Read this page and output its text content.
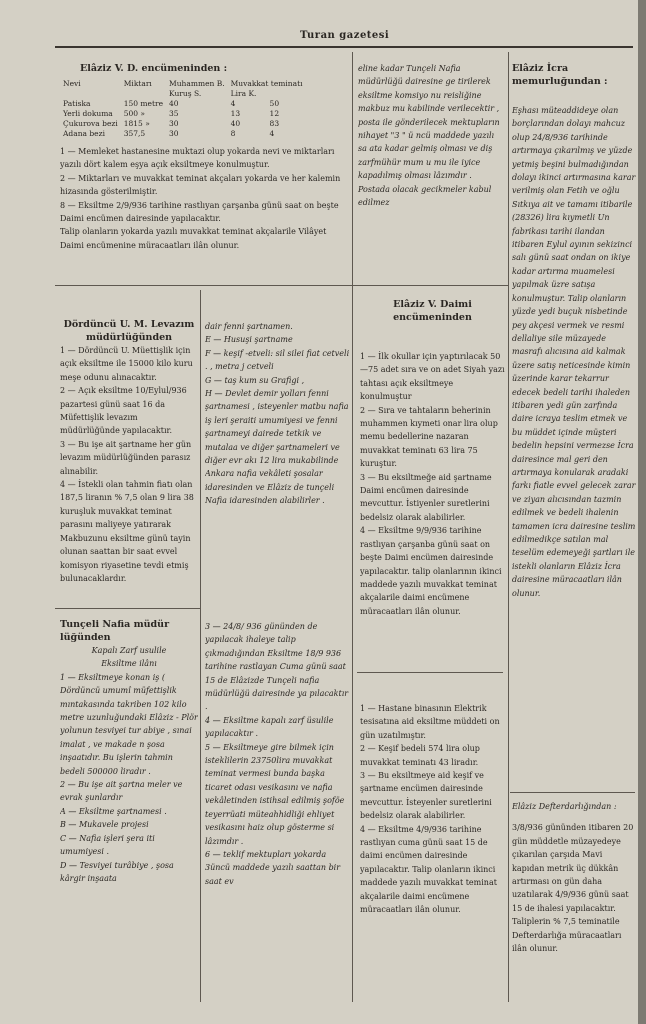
Turan gazetesi

Elâziz V. D. encümeninden :

Nevi	Miktarı	Muhammen B.	Muvakkat teminatı	
		Kuruş S.	Lira K.	
Patiska	150 metre	40	4	50
Yerli dokuma	500 »	35	13	12
Çukurova bezi	1815 »	30	40	83
Adana bezi	357,5	30	8	4

1 — Memleket hastanesine muktazi olup yokarda nevi ve miktarları yazılı dört kalem eşya açık eksiltmeye konulmuştur.

2 — Miktarları ve muvakkat teminat akçaları yokarda ve her kalemin hizasında gösterilmiştir.

8 — Eksiltme 2/9/936 tarihine rastlıyan çarşanba günü saat on beşte Daimi encümen dairesinde yapılacaktır.

Talip olanların yokarda yazılı muvakkat teminat akçalarile Vilâyet Daimi encümenine müracaatları ilân olunur.

eline kadar Tunçeli Nafia müdürlüğü dairesine ge tirilerek eksiltme komsiyo nu reisliğine makbuz mu kabilinde verilecektir ,

posta ile gönderilecek mektupların nihayet "3 " ü ncü maddede yazılı sa ata kadar gelmiş olması ve diş zarfmühür mum u mu ile iyice kapadılmış olması lâzımdır . Postada olacak gecikmeler kabul edilmez

Dördüncü U. M. Levazım müdürlüğünden

1 — Dördüncü U. Müettişlik için açık eksiltme ile 15000 kilo kuru meşe odunu alınacaktır.

2 — Açık eksiltme 10/Eylul/936 pazartesi günü saat 16 da Müfettişlik levazım müdürlüğünde yapılacaktır.

3 — Bu işe ait şartname her gün levazım müdürlüğünden parasız alınabilir.

4 — İstekli olan tahmin fiatı olan 187,5 liranın % 7,5 olan 9 lira 38 kuruşluk muvakkat teminat parasını maliyeye yatırarak Makbuzunu eksiltme günü tayin olunan saattan bir saat evvel komisyon riyasetine tevdi etmiş bulunacaklardır.

dair fenni şartnamen.

E — Husuşi şartname

F — keşif -etveli: sil silei fiat cetveli . , metra j cetveli

G — taş kum su Grafigi ,

H — Devlet demir yolları fenni şartnamesi , isteyenler matbu nafia iş leri şeraiti umumiyesi ve fenni şartnameyi dairede tetkik ve mutalaa ve diğer şartnameleri ve diğer evr akı 12 lira mukabilinde Ankara nafia vekâleti şosalar idaresinden ve Elâziz de tunçeli Nafia idaresinden alabilirler .

Tunçeli Nafia müdür lüğünden

Kapalı Zarf usulile

Eksiltme ilânı

1 — Eksiltmeye konan iş ( Dördüncü umumî müfettişlik mıntakasında takriben 102 kilo metre uzunluğundaki Elâziz - Plör yolunun tesviyei tur abiye , sınai imalat , ve makade n şosa inşaatıdır. Bu işlerin tahmin bedeli 500000 liradır .

2 — Bu işe ait şartna meler ve evrak şunlardır

A — Eksiltme şartnamesi .

B — Mukavele projesi

C — Nafia işleri şera iti umumiyesi .

D — Tesviyei turâbiye , şosa kârgir inşaata

3 — 24/8/ 936 gününden de yapılacak ihaleye talip çıkmadığından Eksiltme 18/9 936 tarihine rastlayan Cuma günü saat 15 de Elâzizde Tunçeli nafia müdürlüğü dairesinde ya pılacaktır .

4 — Eksiltme kapalı zarf üsulile yapılacaktır .

5 — Eksiltmeye gire bilmek için isteklilerin 23750lira muvakkat teminat vermesi bunda başka ticaret odası vesikasını ve nafia vekâletinden istihsal edilmiş şoföe teyerrüati müteahhidliği ehliyet vesikasını haiz olup gösterme si lâzımdır .

6 — teklif mektupları yokarda 3üncü maddede yazılı saattan bir saat ev

Elâziz V. Daimi encümeninden

1 — İlk okullar için yaptırılacak 50—75 adet sıra ve on adet Siyah yazı tahtası açık eksiltmeye konulmuştur

2 — Sıra ve tahtaların beherinin muhammen kıymeti onar lira olup memu bedellerine nazaran muvakkat teminatı 63 lira 75 kuruştur.

3 — Bu eksiltmeğe aid şartname Daimi encümen dairesinde mevcuttur. İstiyenler suretlerini bedelsiz olarak alabilirler.

4 — Eksiltme 9/9/936 tarihine rastlıyan çarşanba günü saat on beşte Daimi encümen dairesinde yapılacaktır. talip olanlarının ikinci maddede yazılı muvakkat teminat akçalarile daimi encümene müracaatları ilân olunur.

1 — Hastane binasının Elektrik tesisatına aid eksiltme müddeti on gün uzatılmıştır.

2 — Keşif bedeli 574 lira olup muvakkat teminatı 43 liradır.

3 — Bu eksiltmeye aid keşif ve şartname encümen dairesinde mevcuttur. İsteyenler suretlerini bedelsiz olarak alabilirler.

4 — Eksiltme 4/9/936 tarihine rastlıyan cuma günü saat 15 de daimi encümen dairesinde yapılacaktır. Talip olanların ikinci maddede yazılı muvakkat teminat akçalarile daimi encümene müracaatları ilân olunur.

Elâziz İcra memurluğundan :

Eşhası müteaddideye olan borçlarından dolayı mahcuz olup 24/8/936 tarihinde artırmaya çıkarılmış ve yüzde yetmiş beşini bulmadığından dolayı ikinci artırmasına karar verilmiş olan Fetih ve oğlu Sıtkıya ait ve tamamı itibarile (28326) lira kıymetli Un fabrikası tarihi ilandan itibaren Eylul ayının sekizinci salı günü saat ondan on ikiye kadar artırma muamelesi yapılmak üzre satışa konulmuştur. Talip olanların yüzde yedi buçuk nisbetinde pey akçesi vermek ve resmi dellaliye sile müzayede masrafı alıcısına aid kalmak üzere satış neticesinde kimin üzerinde karar tekarrur edecek bedeli tarihi ihaleden itibaren yedi gün zarfında daire icraya teslim etmek ve bu müddet içinde müşteri bedelin hepsini vermezse İcra dairesince mal geri den artırmaya konularak aradaki farkı fiatle evvel gelecek zarar ve ziyan alıcısından tazmin edilmek ve bedeli ihalenin tamamen icra dairesine teslim edilmedikçe satılan mal teselüm edemeyeği şartları ile istekli olanların Elâziz İcra dairesine müracaatları ilân olunur.

Elâziz Defterdarlığından :

3/8/936 gününden itibaren 20 gün müddetle müzayedeye çıkarılan çarşıda Mavi kapıdan metrik üç dükkân artırması on gün daha uzatılarak 4/9/936 günü saat 15 de ihalesi yapılacaktır. Taliplerin % 7,5 teminatile Defterdarlığa müracaatları ilân olunur.
